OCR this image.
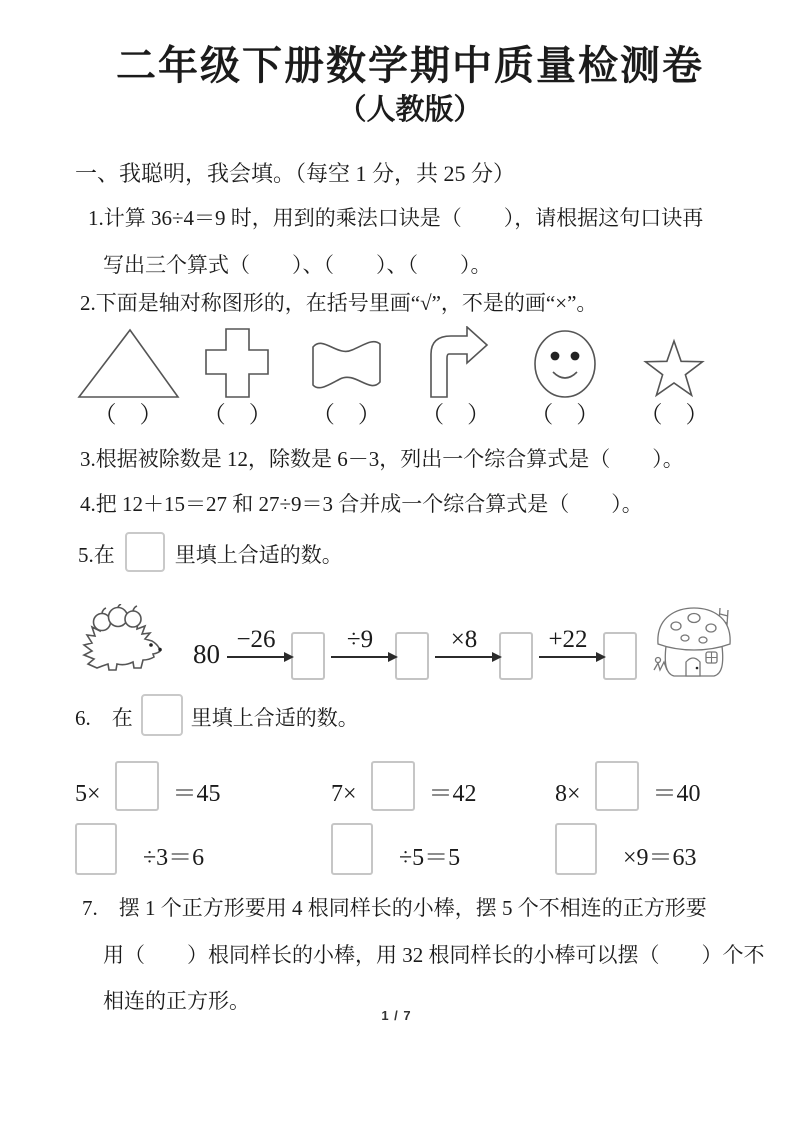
二年级下册数学期中质量检测卷
（人教版）
一、我聪明，我会填。（每空 1 分，共 25 分）

1.计算 36÷4＝9 时，用到的乘法口诀是（　　），请根据这句口诀再

写出三个算式（　　）、（　　）、（　　）。

2.下面是轴对称图形的，在括号里画“√”，不是的画“×”。

（　）	（　）	（　）	（　）	（　）	（　）

3.根据被除数是 12，除数是 6－3，列出一个综合算式是（　　）。

4.把 12＋15＝27 和 27÷9＝3 合并成一个综合算式是（　　）。

5.在	里填上合适的数。

80 −26	÷9	×8	+22

6.　在	里填上合适的数。

5×	＝45	7×	＝42	8×	＝40
÷3＝6	÷5＝5	×9＝63

7.　摆 1 个正方形要用 4 根同样长的小棒，摆 5 个不相连的正方形要

用（　　）根同样长的小棒，用 32 根同样长的小棒可以摆（　　）个不

相连的正方形。

1 / 7
